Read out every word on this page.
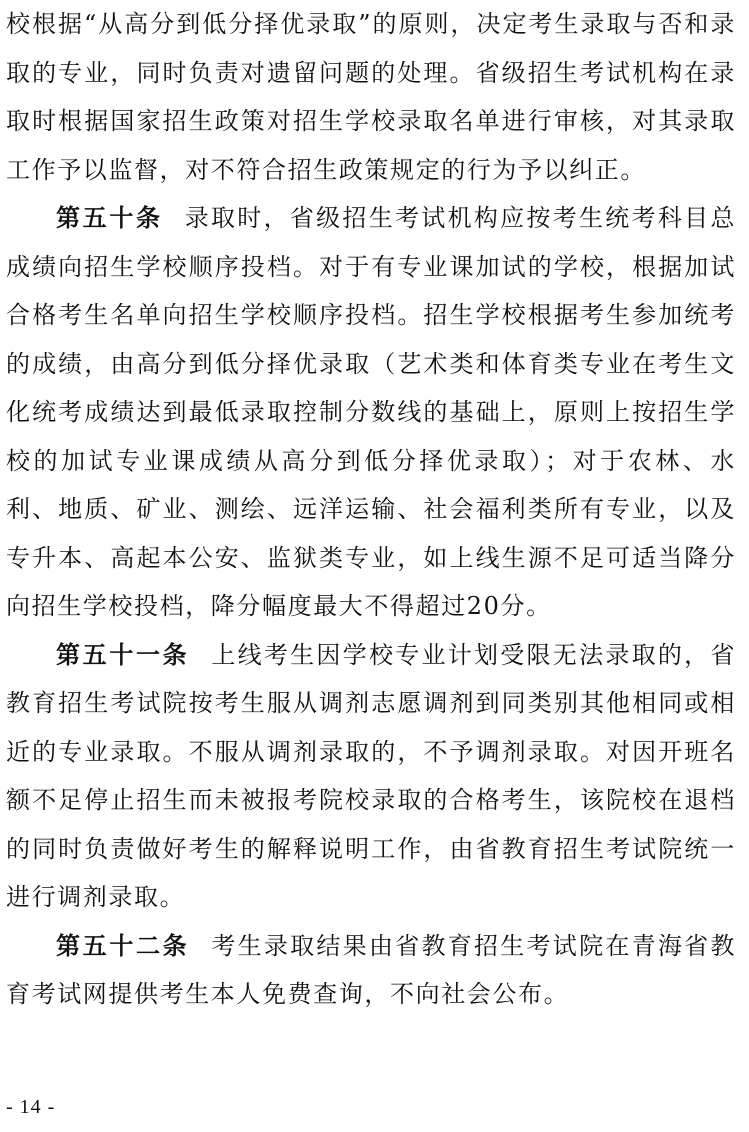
校根据“从高分到低分择优录取”的原则，决定考生录取与否和录取的专业，同时负责对遗留问题的处理。省级招生考试机构在录取时根据国家招生政策对招生学校录取名单进行审核，对其录取工作予以监督，对不符合招生政策规定的行为予以纠正。

第五十条 录取时，省级招生考试机构应按考生统考科目总成绩向招生学校顺序投档。对于有专业课加试的学校，根据加试合格考生名单向招生学校顺序投档。招生学校根据考生参加统考的成绩，由高分到低分择优录取（艺术类和体育类专业在考生文化统考成绩达到最低录取控制分数线的基础上，原则上按招生学校的加试专业课成绩从高分到低分择优录取）；对于农林、水利、地质、矿业、测绘、远洋运输、社会福利类所有专业，以及专升本、高起本公安、监狱类专业，如上线生源不足可适当降分向招生学校投档，降分幅度最大不得超过20分。

第五十一条 上线考生因学校专业计划受限无法录取的，省教育招生考试院按考生服从调剂志愿调剂到同类别其他相同或相近的专业录取。不服从调剂录取的，不予调剂录取。对因开班名额不足停止招生而未被报考院校录取的合格考生，该院校在退档的同时负责做好考生的解释说明工作，由省教育招生考试院统一进行调剂录取。

第五十二条 考生录取结果由省教育招生考试院在青海省教育考试网提供考生本人免费查询，不向社会公布。

- 14 -
